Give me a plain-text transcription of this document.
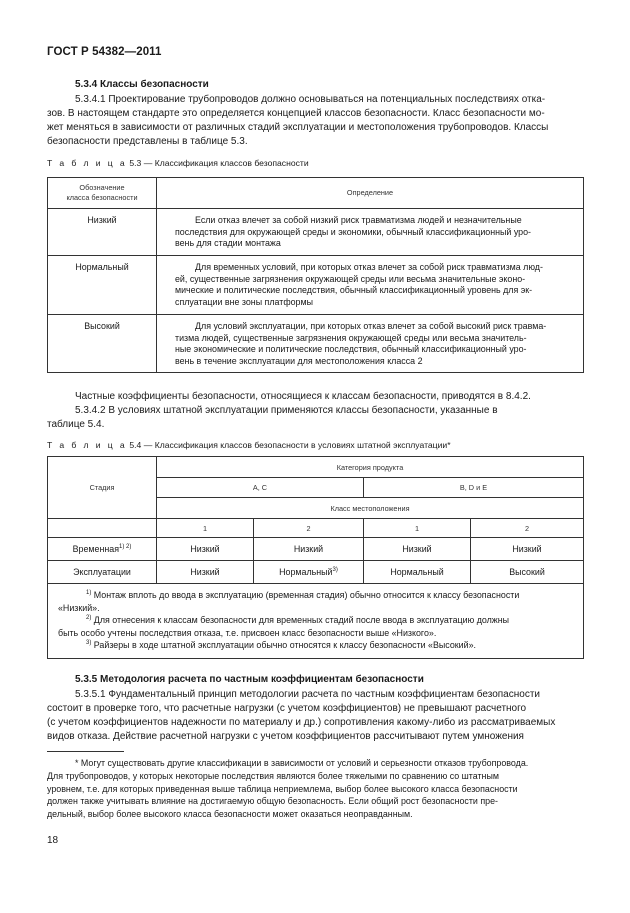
ГОСТ Р 54382—2011
5.3.4 Классы безопасности
5.3.4.1 Проектирование трубопроводов должно основываться на потенциальных последствиях отка-
зов. В настоящем стандарте это определяется концепцией классов безопасности. Класс безопасности мо-
жет меняться в зависимости от различных стадий эксплуатации и местоположения трубопроводов. Классы
безопасности представлены в таблице 5.3.
Т а б л и ц а 5.3 — Классификация классов безопасности
Обозначение
класса безопасности	Определение
Низкий	Если отказ влечет за собой низкий риск травматизма людей и незначительные
последствия для окружающей среды и экономики, обычный классификационный уро-
вень для стадии монтажа

Нормальный	Для временных условий, при которых отказ влечет за собой риск травматизма люд-
ей, существенные загрязнения окружающей среды или весьма значительные эконо-
мические и политические последствия, обычный классификационный уровень для эк-
сплуатации вне зоны платформы

Высокий	Для условий эксплуатации, при которых отказ влечет за собой высокий риск травма-
тизма людей, существенные загрязнения окружающей среды или весьма значитель-
ные экономические и политические последствия, обычный классификационный уро-
вень в течение эксплуатации для местоположения класса 2
Частные коэффициенты безопасности, относящиеся к классам безопасности, приводятся в 8.4.2.
5.3.4.2 В условиях штатной эксплуатации применяются классы безопасности, указанные в
таблице 5.4.
Т а б л и ц а 5.4 — Классификация классов безопасности в условиях штатной эксплуатации*
Стадия	Категория продукта			
	А, С		В, D и Е	
	Класс местоположения			
	1	2	1	2
Временная$^{1) 2)}$	Низкий	Низкий	Низкий	Низкий
Эксплуатации	Низкий	Нормальный$^{3)}$	Нормальный	Высокий

$^{1)}$ Монтаж вплоть до ввода в эксплуатацию (временная стадия) обычно относится к классу безопасности
«Низкий».
$^{2)}$ Для отнесения к классам безопасности для временных стадий после ввода в эксплуатацию должны
быть особо учтены последствия отказа, т.е. присвоен класс безопасности выше «Низкого».
$^{3)}$ Райзеры в ходе штатной эксплуатации обычно относятся к классу безопасности «Высокий».				
5.3.5 Методология расчета по частным коэффициентам безопасности
5.3.5.1 Фундаментальный принцип методологии расчета по частным коэффициентам безопасности
состоит в проверке того, что расчетные нагрузки (с учетом коэффициентов) не превышают расчетного
(с учетом коэффициентов надежности по материалу и др.) сопротивления какому-либо из рассматриваемых
видов отказа. Действие расчетной нагрузки с учетом коэффициентов рассчитывают путем умножения
* Могут существовать другие классификации в зависимости от условий и серьезности отказов трубопровода.
Для трубопроводов, у которых некоторые последствия являются более тяжелыми по сравнению со штатным
уровнем, т.е. для которых приведенная выше таблица неприемлема, выбор более высокого класса безопасности
должен также учитывать влияние на достигаемую общую безопасность. Если общий рост безопасности пре-
дельный, выбор более высокого класса безопасности может оказаться неоправданным.
18
